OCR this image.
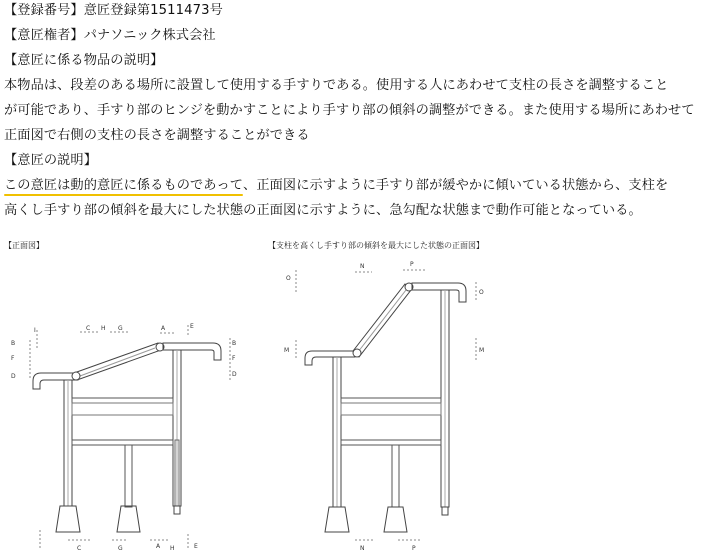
【登録番号】意匠登録第1511473号
【意匠権者】パナソニック株式会社
【意匠に係る物品の説明】
本物品は、段差のある場所に設置して使用する手すりである。使用する人にあわせて支柱の長さを調整すること
が可能であり、手すり部のヒンジを動かすことにより手すり部の傾斜の調整ができる。また使用する場所にあわせて
正面図で右側の支柱の長さを調整することができる
【意匠の説明】
この意匠は動的意匠に係るものであって、正面図に示すように手すり部が緩やかに傾いている状態から、支柱を
高くし手すり部の傾斜を最大にした状態の正面図に示すように、急勾配な状態まで動作可能となっている。
【正面図】	【支柱を高くし手すり部の傾斜を最大にした状態の正面図】
I	C H G	A	E
B
F
D
B
F
D
C	G	A H	E
N	P
O
O
M	M
N	P
